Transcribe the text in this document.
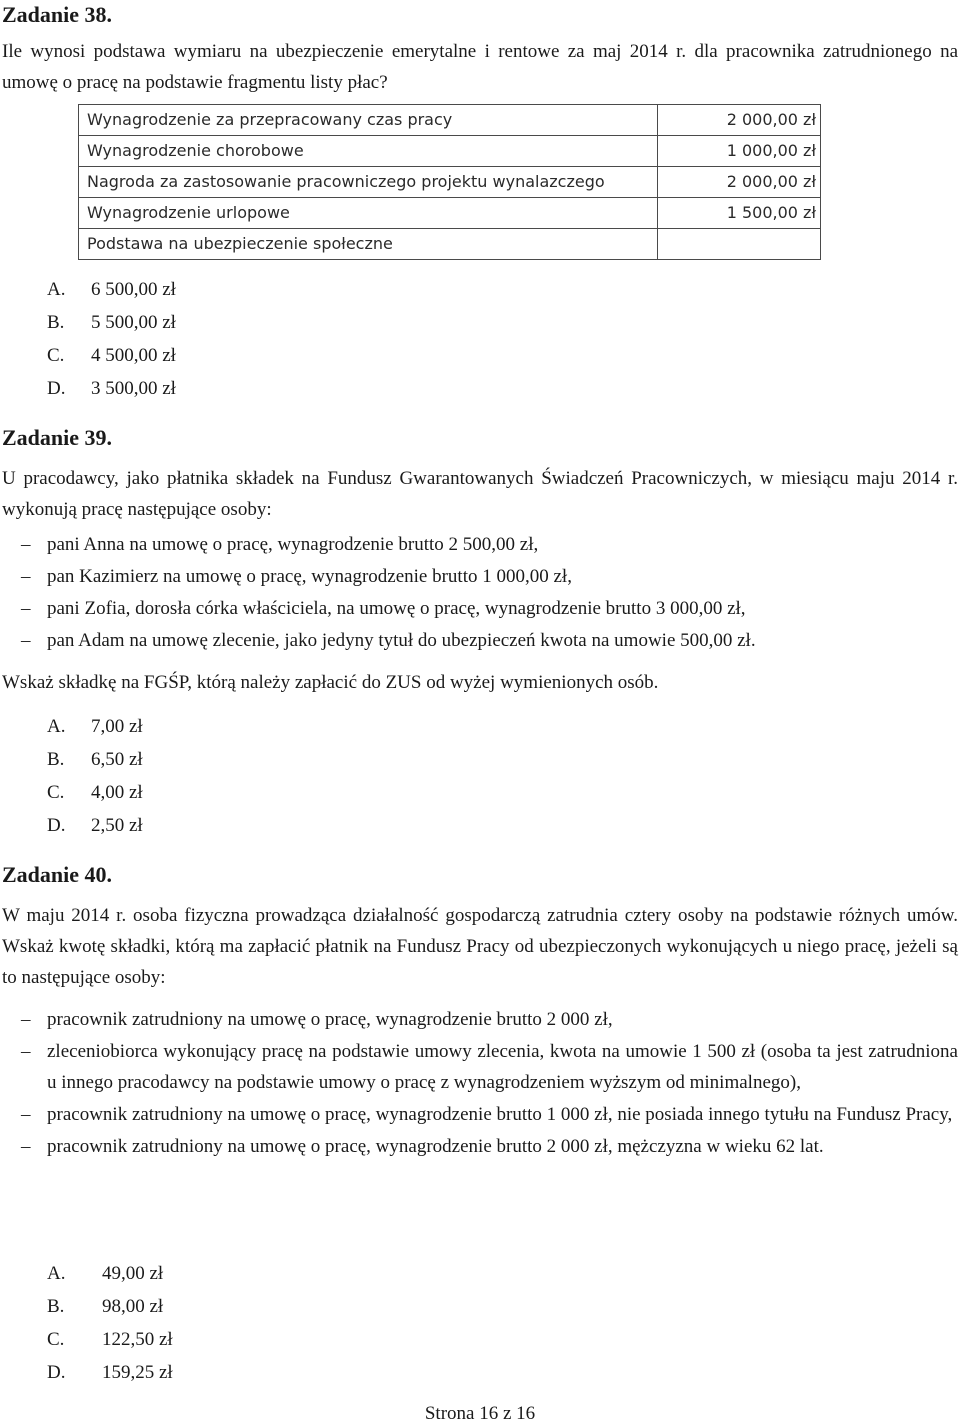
Zadanie 38.

Ile wynosi podstawa wymiaru na ubezpieczenie emerytalne i rentowe za maj 2014 r. dla pracownika zatrudnionego na umowę o pracę na podstawie fragmentu listy płac?

Wynagrodzenie za przepracowany czas pracy	2 000,00 zł
Wynagrodzenie chorobowe	1 000,00 zł
Nagroda za zastosowanie pracowniczego projektu wynalazczego	2 000,00 zł
Wynagrodzenie urlopowe	1 500,00 zł
Podstawa na ubezpieczenie społeczne	
A. 6 500,00 zł
B. 5 500,00 zł
C. 4 500,00 zł
D. 3 500,00 zł
Zadanie 39.

U pracodawcy, jako płatnika składek na Fundusz Gwarantowanych Świadczeń Pracowniczych, w miesiącu maju 2014 r. wykonują pracę następujące osoby:

– pani Anna na umowę o pracę, wynagrodzenie brutto 2 500,00 zł,
– pan Kazimierz na umowę o pracę, wynagrodzenie brutto 1 000,00 zł,
– pani Zofia, dorosła córka właściciela, na umowę o pracę, wynagrodzenie brutto 3 000,00 zł,
– pan Adam na umowę zlecenie, jako jedyny tytuł do ubezpieczeń kwota na umowie 500,00 zł.

Wskaż składkę na FGŚP, którą należy zapłacić do ZUS od wyżej wymienionych osób.

A. 7,00 zł
B. 6,50 zł
C. 4,00 zł
D. 2,50 zł
Zadanie 40.

W maju 2014 r. osoba fizyczna prowadząca działalność gospodarczą zatrudnia cztery osoby na podstawie różnych umów. Wskaż kwotę składki, którą ma zapłacić płatnik na Fundusz Pracy od ubezpieczonych wykonujących u niego pracę, jeżeli są to następujące osoby:

– pracownik zatrudniony na umowę o pracę, wynagrodzenie brutto 2 000 zł,
– zleceniobiorca wykonujący pracę na podstawie umowy zlecenia, kwota na umowie 1 500 zł (osoba ta jest zatrudniona u innego pracodawcy na podstawie umowy o pracę z wynagrodzeniem wyższym od minimalnego),
– pracownik zatrudniony na umowę o pracę, wynagrodzenie brutto 1 000 zł, nie posiada innego tytułu na Fundusz Pracy,
– pracownik zatrudniony na umowę o pracę, wynagrodzenie brutto 2 000 zł, mężczyzna w wieku 62 lat.
A. 49,00 zł
B. 98,00 zł
C. 122,50 zł
D. 159,25 zł
Strona 16 z 16
